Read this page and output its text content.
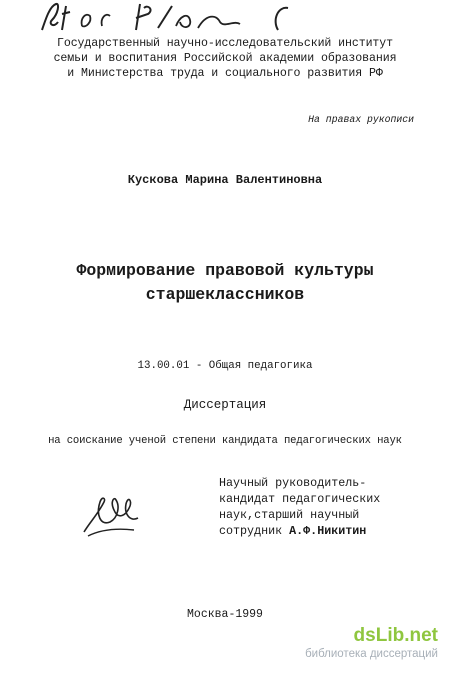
Государственный научно-исследовательский институт
семьи и воспитания Российской академии образования
и Министерства труда и социального развития РФ
На правах рукописи
Кускова Марина Валентиновна
Формирование правовой культуры
старшеклассников
13.00.01 - Общая педагогика
Диссертация
на соискание ученой степени кандидата педагогических наук
Научный руководитель-
кандидат педагогических
наук,старший научный
сотрудник А.Ф.Никитин
Москва-1999
dsLib.net
библиотека диссертаций
